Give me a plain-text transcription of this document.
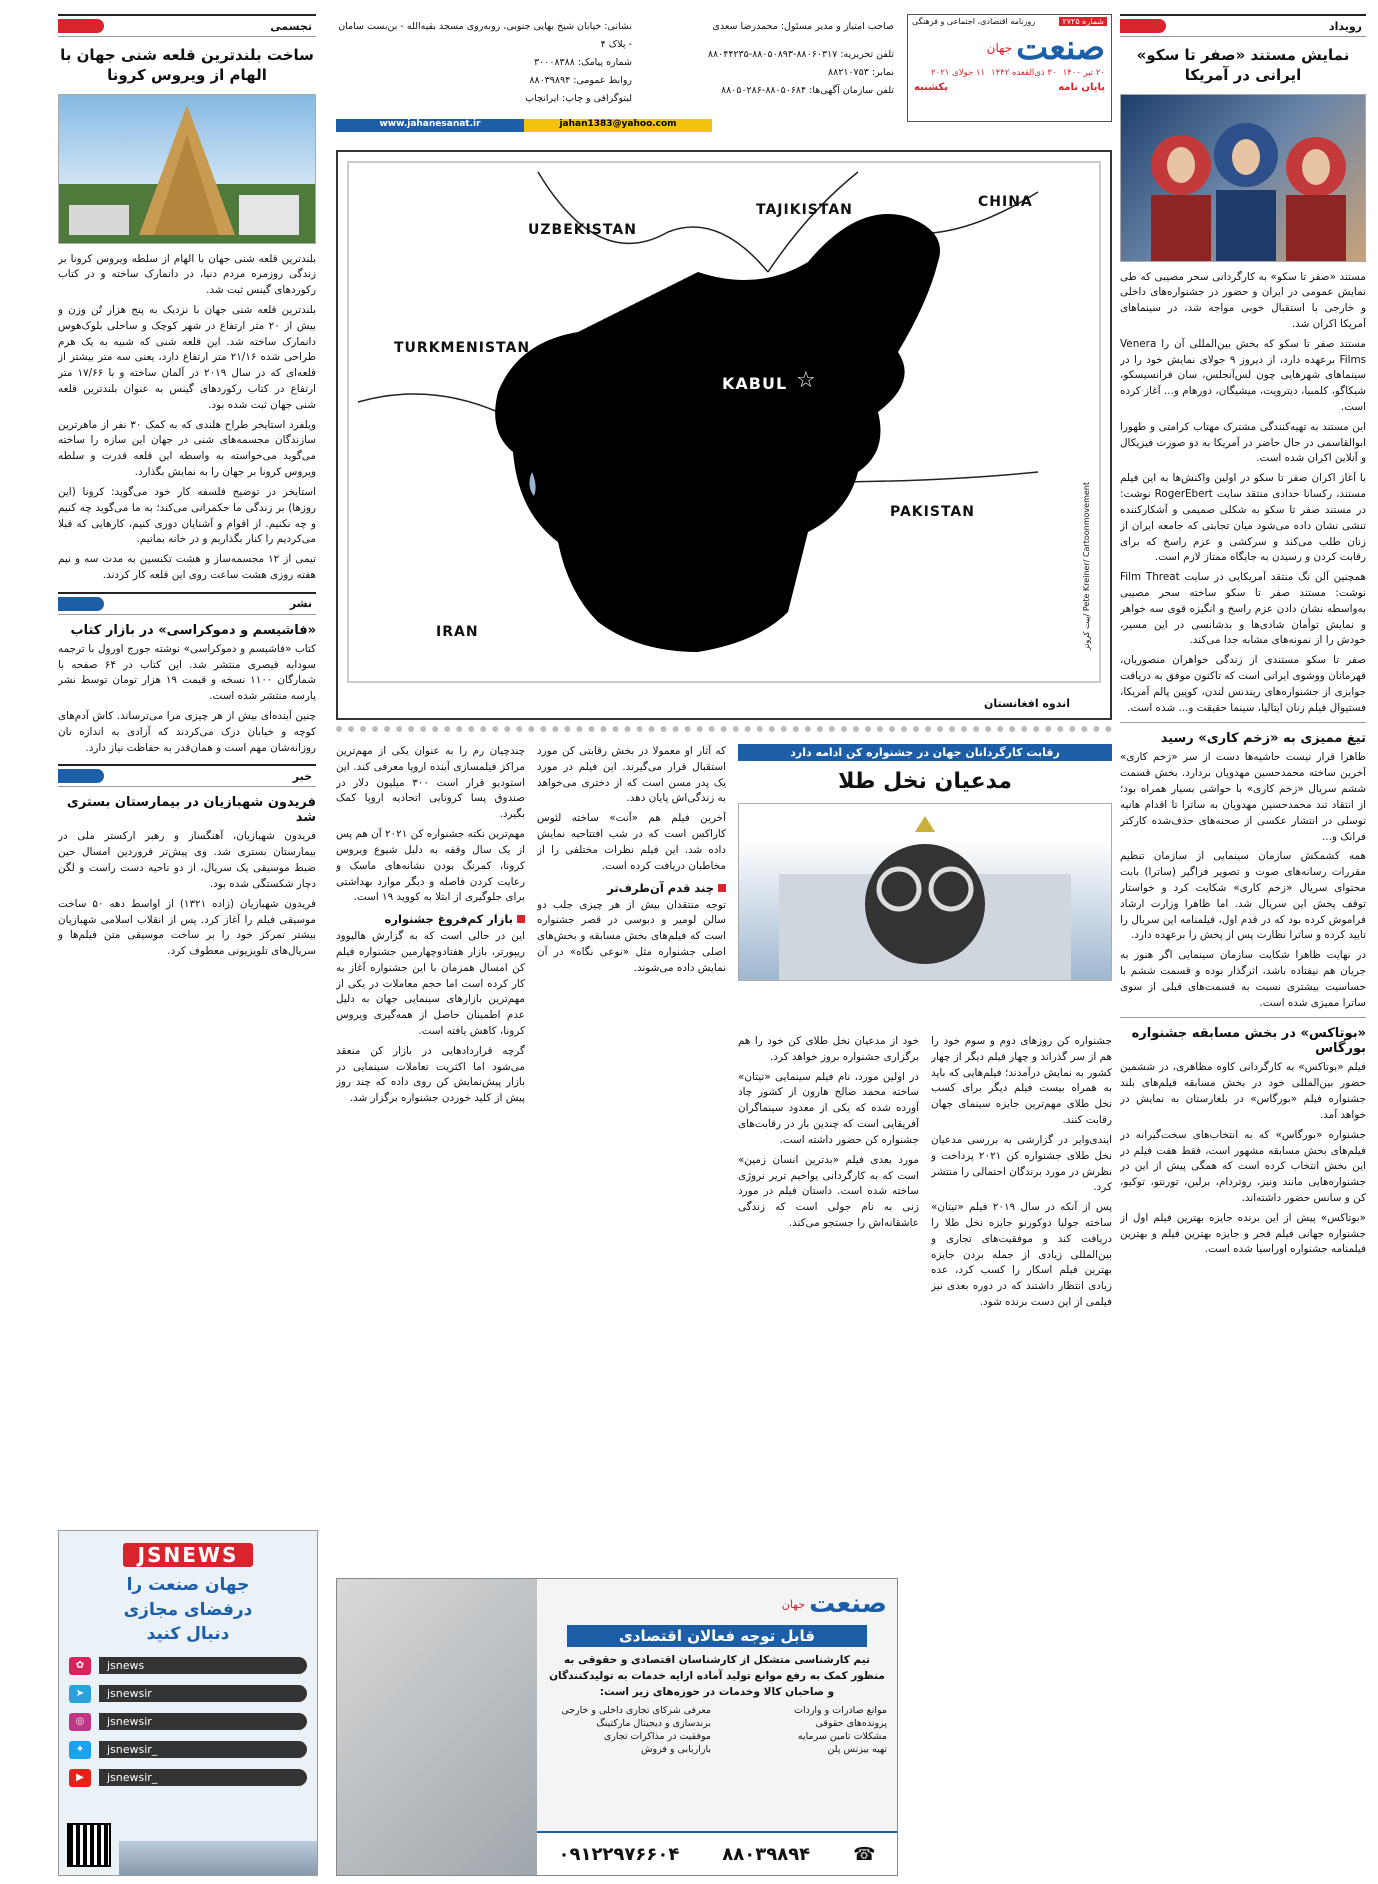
رویداد
نمایش مستند «صفر تا سکو» ایرانی در آمریکا

مستند «صفر تا سکو» به کارگردانی سحر مصیبی که طی نمایش عمومی در ایران و حضور در جشنواره‌های داخلی و خارجی با استقبال خوبی مواجه شد، در سینماهای آمریکا اکران شد.

مستند صفر تا سکو که بخش بین‌المللی آن را Venera Films برعهده دارد، از دیروز ۹ جولای نمایش خود را در سینماهای شهرهایی چون لس‌آنجلس، سان فرانسیسکو، شیکاگو، کلمبیا، دیترویت، میشیگان، دورهام و... آغاز کرده است.

این مستند به تهیه‌کنندگی مشترک مهتاب کرامتی و طهورا ابوالقاسمی در حال حاضر در آمریکا به دو صورت فیزیکال و آنلاین اکران شده است.

با آغاز اکران صفر تا سکو در اولین واکنش‌ها به این فیلم مستند، رکسانا حدادی منتقد سایت RogerEbert نوشت: در مستند صفر تا سکو به شکلی صمیمی و آشکارکننده تنشی نشان داده می‌شود میان تجابتی که جامعه ایران از زنان طلب می‌کند و سرکشی و عزم راسخ که برای رقابت کردن و رسیدن به جایگاه ممتاز لازم است.

همچنین آلن نگ منتقد آمریکایی در سایت Film Threat نوشت: مستند صفر تا سکو ساخته سحر مصیبی به‌واسطه نشان دادن عزم راسخ و انگیزه قوی سه خواهر و نمایش توأمان شادی‌ها و بدشانسی در این مسیر، خودش را از نمونه‌های مشابه جدا می‌کند.

صفر تا سکو مستندی از زندگی خواهران منصوریان، قهرمانان ووشوی ایرانی است که تاکنون موفق به دریافت جوایزی از جشنواره‌های ریندنس لندن، کوپین پالم آمریکا، فستیوال فیلم زنان ایتالیا، سینما حقیقت و... شده است.

تیغ ممیزی به «زخم کاری» رسید

ظاهرا قرار نیست حاشیه‌ها دست از سر «زخم کاری» آخرین ساخته محمدحسین مهدویان بردارد. بخش قسمت ششم سریال «زخم کاری» با حواشی بسیار همراه بود؛ از انتقاد تند محمدحسین مهدویان به ساترا تا اقدام هانیه توسلی در انتشار عکسی از صحنه‌های حذف‌شده کارکتر فرانک و...

همه کشمکش سازمان سینمایی از سازمان تنظیم مقررات رسانه‌های صوت و تصویر فراگیر (ساترا) بابت محتوای سریال «زخم کاری» شکایت کرد و خواستار توقف پخش این سریال شد. اما ظاهرا وزارت ارشاد فراموش کرده بود که در قدم اول، فیلمنامه این سریال را تایید کرده و ساترا نظارت پس از پخش را برعهده دارد.

در نهایت ظاهرا شکایت سازمان سینمایی اگر هنوز به جریان هم نیفتاده باشد، اثرگذار بوده و قسمت ششم با حساسیت بیشتری نسبت به قسمت‌های قبلی از سوی ساترا ممیزی شده است.

«بوتاکس» در بخش مسابقه جشنواره بورگاس

فیلم «بوتاکس» به کارگردانی کاوه مظاهری، در ششمین حضور بین‌المللی خود در بخش مسابقه فیلم‌های بلند جشنواره فیلم «بورگاس» در بلغارستان به نمایش در خواهد آمد.

جشنواره «بورگاس» که به انتخاب‌های سخت‌گیرانه در فیلم‌های بخش مسابقه مشهور است، فقط هفت فیلم در این بخش انتخاب کرده است که همگی پیش از این در جشنواره‌هایی مانند ونیز، روتردام، برلین، تورنتو، توکیو، کن و سانس حضور داشته‌اند.

«بوتاکس» پیش از این برنده جایزه بهترین فیلم اول از جشنواره جهانی فیلم فجر و جایزه بهترین فیلم و بهترین فیلمنامه جشنواره اوراسیا شده است.

تجسمی
ساخت بلندترین قلعه شنی جهان با الهام از ویروس کرونا

بلندترین قلعه شنی جهان با الهام از سلطه ویروس کرونا بر زندگی روزمره مردم دنیا، در دانمارک ساخته و در کتاب رکوردهای گینس ثبت شد.

بلندترین قلعه شنی جهان با نزدیک به پنج هزار تُن وزن و بیش از ۲۰ متر ارتفاع در شهر کوچک و ساحلی بلوک‌هوس دانمارک ساخته شد. این قلعه شنی که شبیه به یک هرم طراحی شده ۲۱/۱۶ متر ارتفاع دارد، یعنی سه متر بیشتر از قلعه‌ای که در سال ۲۰۱۹ در آلمان ساخته و با ۱۷/۶۶ متر ارتفاع در کتاب رکوردهای گینس به عنوان بلندترین قلعه شنی جهان ثبت شده بود.

ویلفرد استایخر طراح هلندی که به کمک ۳۰ نفر از ماهرترین سازندگان مجسمه‌های شنی در جهان این سازه را ساخته می‌گوید می‌خواسته به واسطه این قلعه قدرت و سلطه ویروس کرونا بر جهان را به نمایش بگذارد.

استایخر در توضیح فلسفه کار خود می‌گوید: کرونا (این روزها) بر زندگی ما حکمرانی می‌کند؛ به ما می‌گوید چه کنیم و چه نکنیم. از اقوام و آشنایان دوری کنیم، کارهایی که قبلا می‌کردیم را کنار بگذاریم و در خانه بمانیم.

تیمی از ۱۲ مجسمه‌ساز و هشت تکنسین به مدت سه و نیم هفته روزی هشت ساعت روی این قلعه کار کردند.

نشر
«فاشیسم و دموکراسی» در بازار کتاب

کتاب «فاشیسم و دموکراسی» نوشته جورج اورول با ترجمه سودابه قیصری منتشر شد. این کتاب در ۶۴ صفحه با شمارگان ۱۱۰۰ نسخه و قیمت ۱۹ هزار تومان توسط نشر پارسه منتشر شده است.

چنین آینده‌ای بیش از هر چیزی مرا می‌ترساند. کاش آدم‌های کوچه و خیابان درک می‌کردند که آزادی به اندازه نان روزانه‌شان مهم است و همان‌قدر به حفاظت نیاز دارد.

خبر
فریدون شهبازیان در بیمارستان بستری شد

فریدون شهبازیان، آهنگساز و رهبر ارکستر ملی در بیمارستان بستری شد. وی پیش‌تر فروردین امسال حین ضبط موسیقی یک سریال، از دو ناحیه دست راست و لگن دچار شکستگی شده بود.

فریدون شهبازیان (زاده ۱۳۲۱) از اواسط دهه ۵۰ ساخت موسیقی فیلم را آغاز کرد. پس از انقلاب اسلامی شهبازیان بیشتر تمرکز خود را بر ساخت موسیقی متن فیلم‌ها و سریال‌های تلویزیونی معطوف کرد.

JSNEWS
جهان صنعت را
درفضای مجازی
دنبال کنید
✿	jsnews
➤	jsnewsir
◎	jsnewsir
✦	jsnewsir_
▶	jsnewsir_
شماره ۲۷۲۵
روزنامه اقتصادی، اجتماعی و فرهنگی
صنعت
جهان
۲۰ تیر ۱۴۰۰
۳۰ ذی‌القعده ۱۴۴۲
۱۱ جولای ۲۰۲۱
پایان نامه
یکشنبه
صاحب امتیاز و مدیر مسئول: محمدرضا سعدی
تلفن تحریریه: ۸۸۰۶۰۳۱۷-۸۸۰۵۰۸۹۳-۸۸۰۴۴۲۳۵
نمابر: ۸۸۲۱۰۷۵۳
تلفن سازمان آگهی‌ها: ۸۸۰۵۰۶۸۴-۸۸۰۵۰۲۸۶
نشانی: خیابان شیخ بهایی جنوبی، روبه‌روی مسجد بقیه‌الله - بن‌بست سامان - پلاک ۴
شماره پیامک: ۳۰۰۰۸۳۸۸
روابط عمومی: ۸۸۰۳۹۸۹۴
لیتوگرافی و چاپ: ایرانچاپ
www.jahanesanat.ir	jahan1383@yahoo.com
UZBEKISTAN
TAJIKISTAN	CHINA
TURKMENISTAN
KABUL ☆
PAKISTAN
IRAN	پیت کروتز/ Pete Kreiner/ Cartoonmovement
اندوه افغانستان
رقابت کارگردانان جهان در جشنواره کن ادامه دارد
مدعیان نخل طلا

که آثار او معمولا در بخش رقابتی کن مورد استقبال قرار می‌گیرند. این فیلم در مورد یک پدر مسن است که از دختری می‌خواهد به زندگی‌اش پایان دهد.

آخرین فیلم هم «آنت» ساخته لئوس کاراکس است که در شب افتتاحیه نمایش داده شد. این فیلم نظرات مختلفی را از مخاطبان دریافت کرده است.

چند قدم آن‌طرف‌تر

توجه منتقدان بیش از هر چیزی جلب دو سالن لومیر و دبوسی در قصر جشنواره است که فیلم‌های بخش مسابقه و بخش‌های اصلی جشنواره مثل «نوعی نگاه» در آن نمایش داده می‌شوند.

چندچیان رم را به عنوان یکی از مهم‌ترین مراکز فیلمسازی آینده اروپا معرفی کند. این استودیو قرار است ۳۰۰ میلیون دلار در صندوق پسا کرونایی اتحادیه اروپا کمک بگیرد.

مهم‌ترین نکته جشنواره کن ۲۰۲۱ آن هم پس از یک سال وقفه به دلیل شیوع ویروس کرونا، کمرنگ بودن نشانه‌های ماسک و رعایت کردن فاصله و دیگر موارد بهداشتی برای جلوگیری از ابتلا به کووید ۱۹ است.

بازار کم‌فروغ جشنواره

این در حالی است که به گزارش هالیوود ریپورتر، بازار هفتادوچهارمین جشنواره فیلم کن امسال همزمان با این جشنواره آغاز به کار کرده است اما حجم معاملات در یکی از مهم‌ترین بازارهای سینمایی جهان به دلیل عدم اطمینان حاصل از همه‌گیری ویروس کرونا، کاهش یافته است.

گرچه قراردادهایی در بازار کن منعقد می‌شود اما اکثریت تعاملات سینمایی در بازار پیش‌نمایش کن روی داده که چند روز پیش از کلید خوردن جشنواره برگزار شد.

جشنواره کن روزهای دوم و سوم خود را هم از سر گذراند و چهار فیلم دیگر از چهار کشور به نمایش درآمدند؛ فیلم‌هایی که باید به همراه بیست فیلم دیگر برای کسب نخل طلای مهم‌ترین جایزه سینمای جهان رقابت کنند.

ایندی‌وایر در گزارشی به بررسی مدعیان نخل طلای جشنواره کن ۲۰۲۱ پرداخت و نظرش در مورد برندگان احتمالی را منتشر کرد.

پس از آنکه در سال ۲۰۱۹ فیلم «تیتان» ساخته جولیا دوکورنو جایزه نخل طلا را دریافت کند و موفقیت‌های تجاری و بین‌المللی زیادی از جمله بردن جایزه بهترین فیلم اسکار را کسب کرد، عده زیادی انتظار داشتند که در دوره بعدی نیز فیلمی از این دست برنده شود.

خود از مدعیان نخل طلای کن خود را هم برگزاری جشنواره بروز خواهد کرد.

در اولین مورد، نام فیلم سینمایی «تیتان» ساخته محمد صالح هارون از کشور چاد آورده شده که یکی از معدود سینماگران آفریقایی است که چندین بار در رقابت‌های جشنواره کن حضور داشته است.

مورد بعدی فیلم «بدترین انسان زمین» است که به کارگردانی یواخیم تریر نروژی ساخته شده است. داستان فیلم در مورد زنی به نام جولی است که زندگی عاشقانه‌اش را جستجو می‌کند.

صنعت
جهان
قابل توجه فعالان اقتصادی

تیم کارشناسی متشکل از کارشناسان اقتصادی و حقوقی به منظور کمک به رفع موانع تولید آماده ارایه خدمات به تولیدکنندگان و صاحبان کالا وخدمات در حوزه‌های زیر است:

موانع صادرات و واردات
معرفی شرکای تجاری داخلی و خارجی
پرونده‌های حقوقی
برندسازی و دیجیتال مارکتینگ
مشکلات تامین سرمایه
موفقیت در مذاکرات تجاری
تهیه بیزنس پلن
بازاریابی و فروش
☎
۸۸۰۳۹۸۹۴
۰۹۱۲۲۹۷۶۶۰۴
